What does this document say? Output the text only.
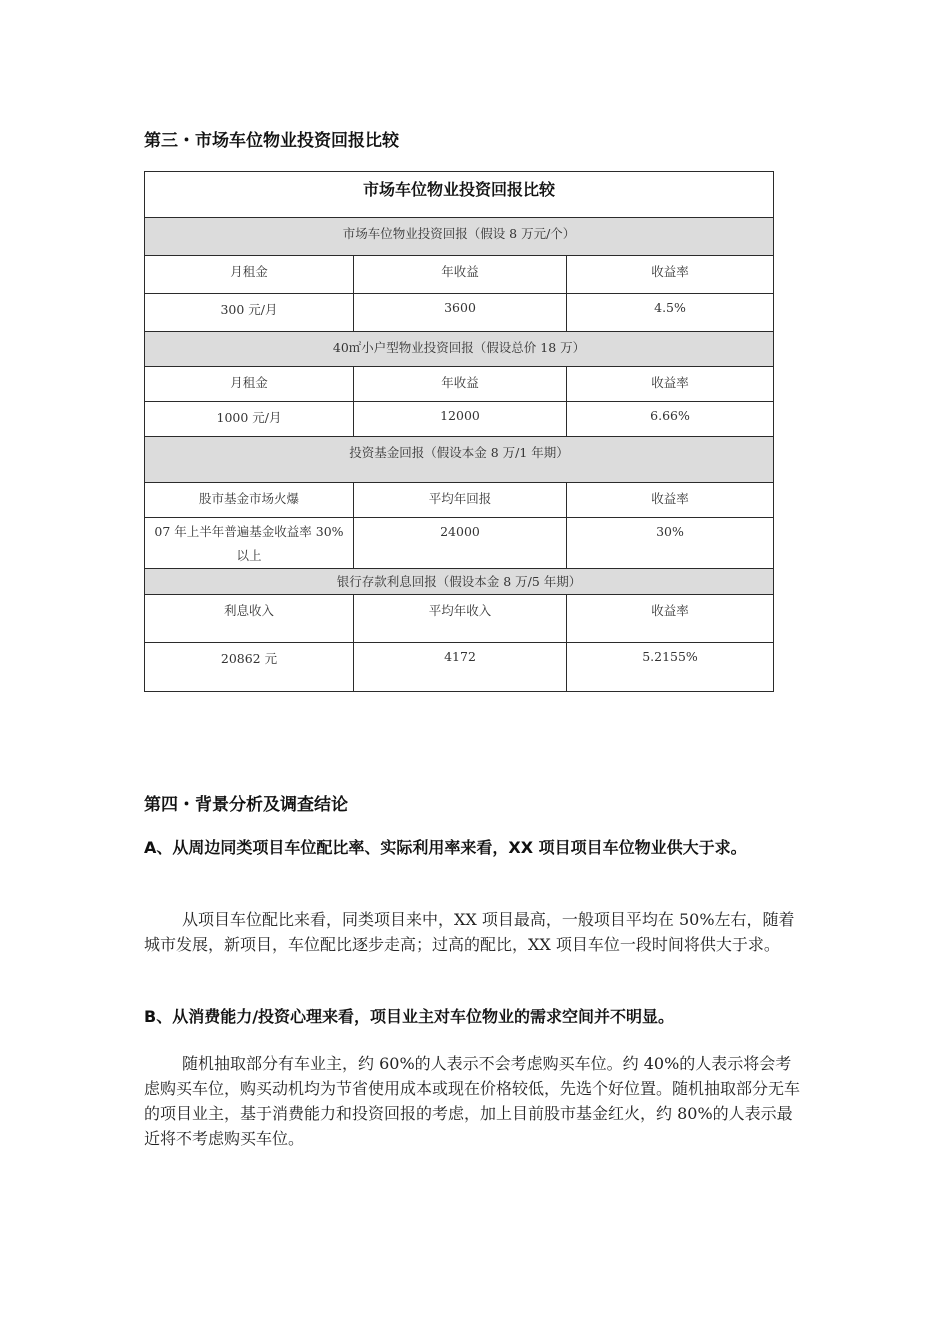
第三・市场车位物业投资回报比较
市场车位物业投资回报比较		
市场车位物业投资回报（假设 8 万元/个）		
月租金	年收益	收益率
300 元/月	3600	4.5%
40㎡小户型物业投资回报（假设总价 18 万）		
月租金	年收益	收益率
1000 元/月	12000	6.66%
投资基金回报（假设本金 8 万/1 年期）		
股市基金市场火爆	平均年回报	收益率
07 年上半年普遍基金收益率 30%以上	24000	30%
银行存款利息回报（假设本金 8 万/5 年期）		
利息收入	平均年收入	收益率
20862 元	4172	5.2155%
第四・背景分析及调查结论
A、从周边同类项目车位配比率、实际利用率来看，XX 项目项目车位物业供大于求。
从项目车位配比来看，同类项目来中，XX 项目最高，一般项目平均在 50%左右，随着城市发展，新项目，车位配比逐步走高；过高的配比，XX 项目车位一段时间将供大于求。
B、从消费能力/投资心理来看，项目业主对车位物业的需求空间并不明显。
随机抽取部分有车业主，约 60%的人表示不会考虑购买车位。约 40%的人表示将会考虑购买车位，购买动机均为节省使用成本或现在价格较低，先选个好位置。随机抽取部分无车的项目业主，基于消费能力和投资回报的考虑，加上目前股市基金红火，约 80%的人表示最近将不考虑购买车位。
